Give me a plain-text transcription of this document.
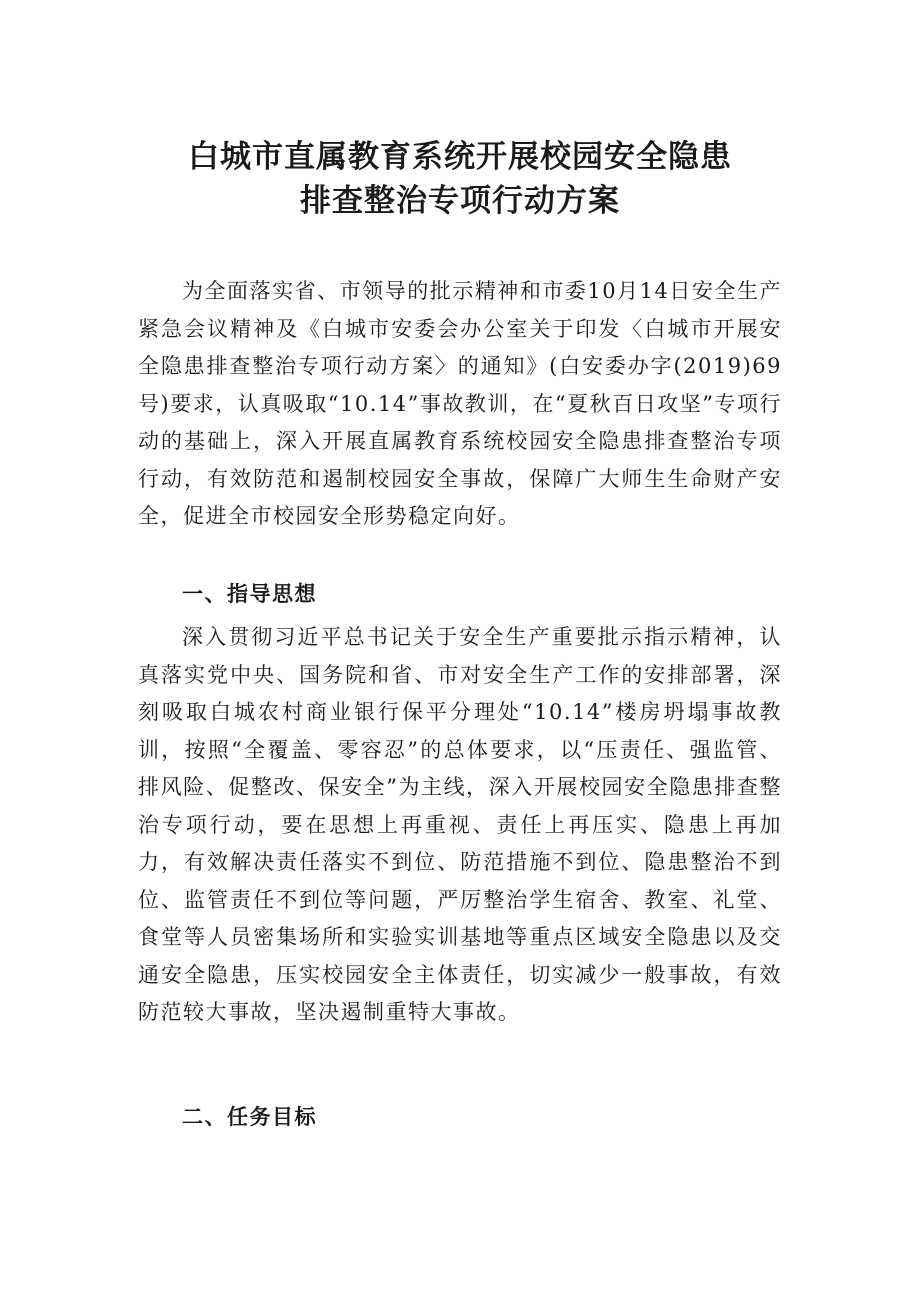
白城市直属教育系统开展校园安全隐患
排查整治专项行动方案

为全面落实省、市领导的批示精神和市委10月14日安全生产紧急会议精神及《白城市安委会办公室关于印发〈白城市开展安全隐患排查整治专项行动方案〉的通知》(白安委办字(2019)69号)要求，认真吸取“10.14”事故教训，在“夏秋百日攻坚”专项行动的基础上，深入开展直属教育系统校园安全隐患排查整治专项行动，有效防范和遏制校园安全事故，保障广大师生生命财产安全，促进全市校园安全形势稳定向好。

一、指导思想

深入贯彻习近平总书记关于安全生产重要批示指示精神，认真落实党中央、国务院和省、市对安全生产工作的安排部署，深刻吸取白城农村商业银行保平分理处“10.14”楼房坍塌事故教训，按照“全覆盖、零容忍”的总体要求，以“压责任、强监管、排风险、促整改、保安全”为主线，深入开展校园安全隐患排查整治专项行动，要在思想上再重视、责任上再压实、隐患上再加力，有效解决责任落实不到位、防范措施不到位、隐患整治不到位、监管责任不到位等问题，严厉整治学生宿舍、教室、礼堂、食堂等人员密集场所和实验实训基地等重点区域安全隐患以及交通安全隐患，压实校园安全主体责任，切实减少一般事故，有效防范较大事故，坚决遏制重特大事故。

二、任务目标
